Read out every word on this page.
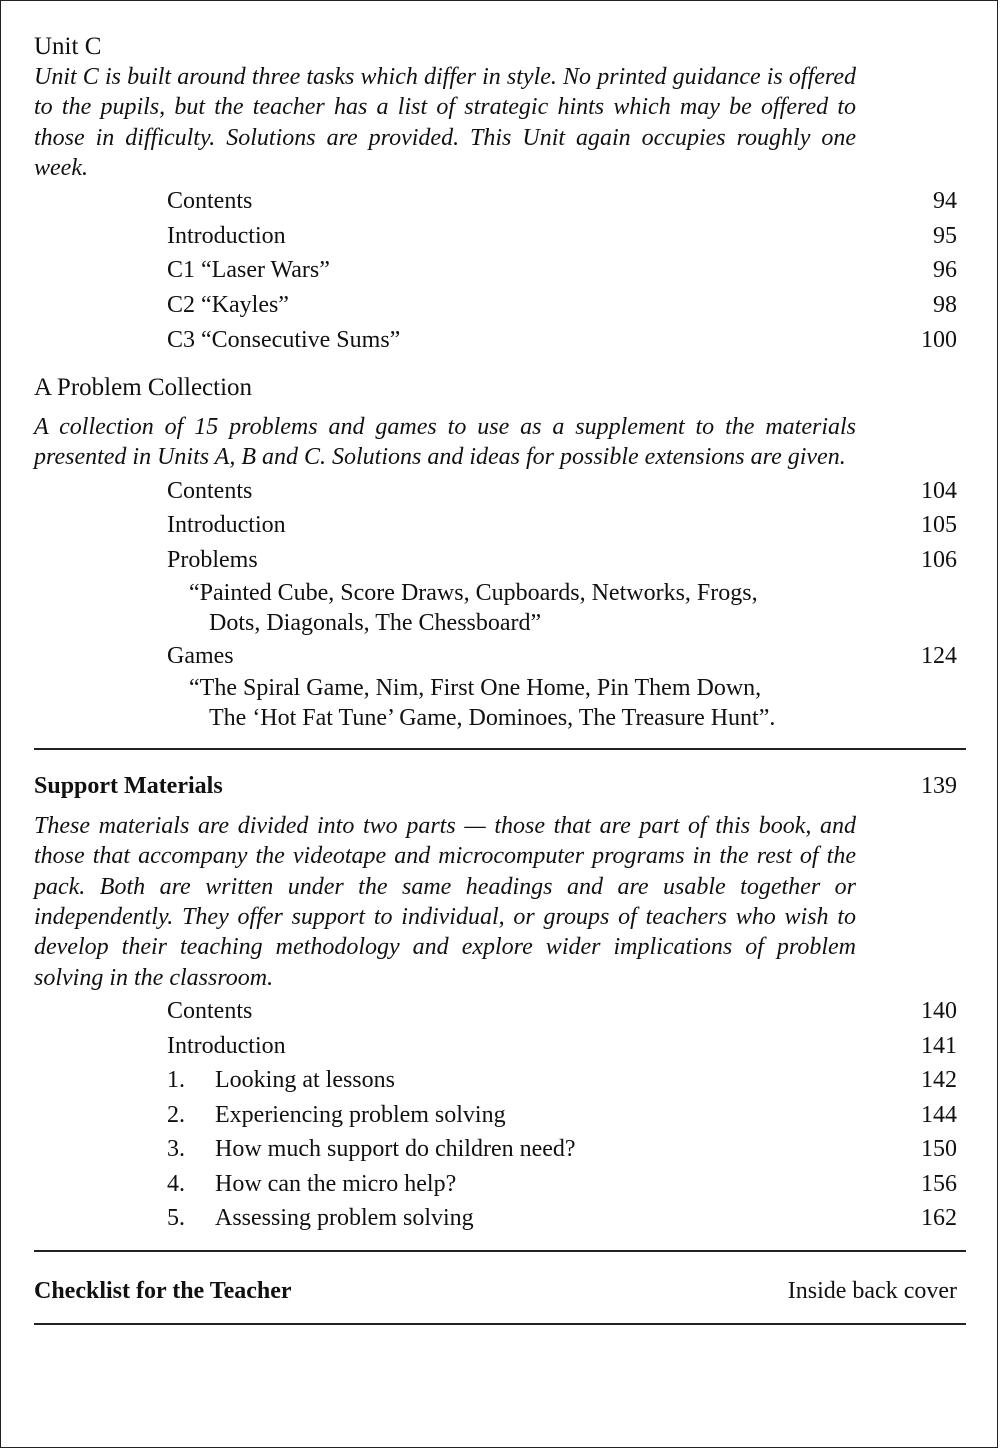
Unit C

Unit C is built around three tasks which differ in style. No printed guidance is offered to the pupils, but the teacher has a list of strategic hints which may be offered to those in difficulty. Solutions are provided. This Unit again occupies roughly one week.

Contents	94
Introduction	95
C1 “Laser Wars”	96
C2 “Kayles”	98
C3 “Consecutive Sums”	100
A Problem Collection

A collection of 15 problems and games to use as a supplement to the materials presented in Units A, B and C. Solutions and ideas for possible extensions are given.

Contents	104
Introduction	105
Problems	106

“Painted Cube, Score Draws, Cupboards, Networks, Frogs,
Dots, Diagonals, The Chessboard”

Games	124

“The Spiral Game, Nim, First One Home, Pin Them Down,
The ‘Hot Fat Tune’ Game, Dominoes, The Treasure Hunt”.

Support Materials	139

These materials are divided into two parts — those that are part of this book, and those that accompany the videotape and microcomputer programs in the rest of the pack. Both are written under the same headings and are usable together or independently. They offer support to individual, or groups of teachers who wish to develop their teaching methodology and explore wider implications of problem solving in the classroom.

Contents	140
Introduction	141
1. Looking at lessons	142
2. Experiencing problem solving	144
3. How much support do children need?	150
4. How can the micro help?	156
5. Assessing problem solving	162
Checklist for the Teacher	Inside back cover
